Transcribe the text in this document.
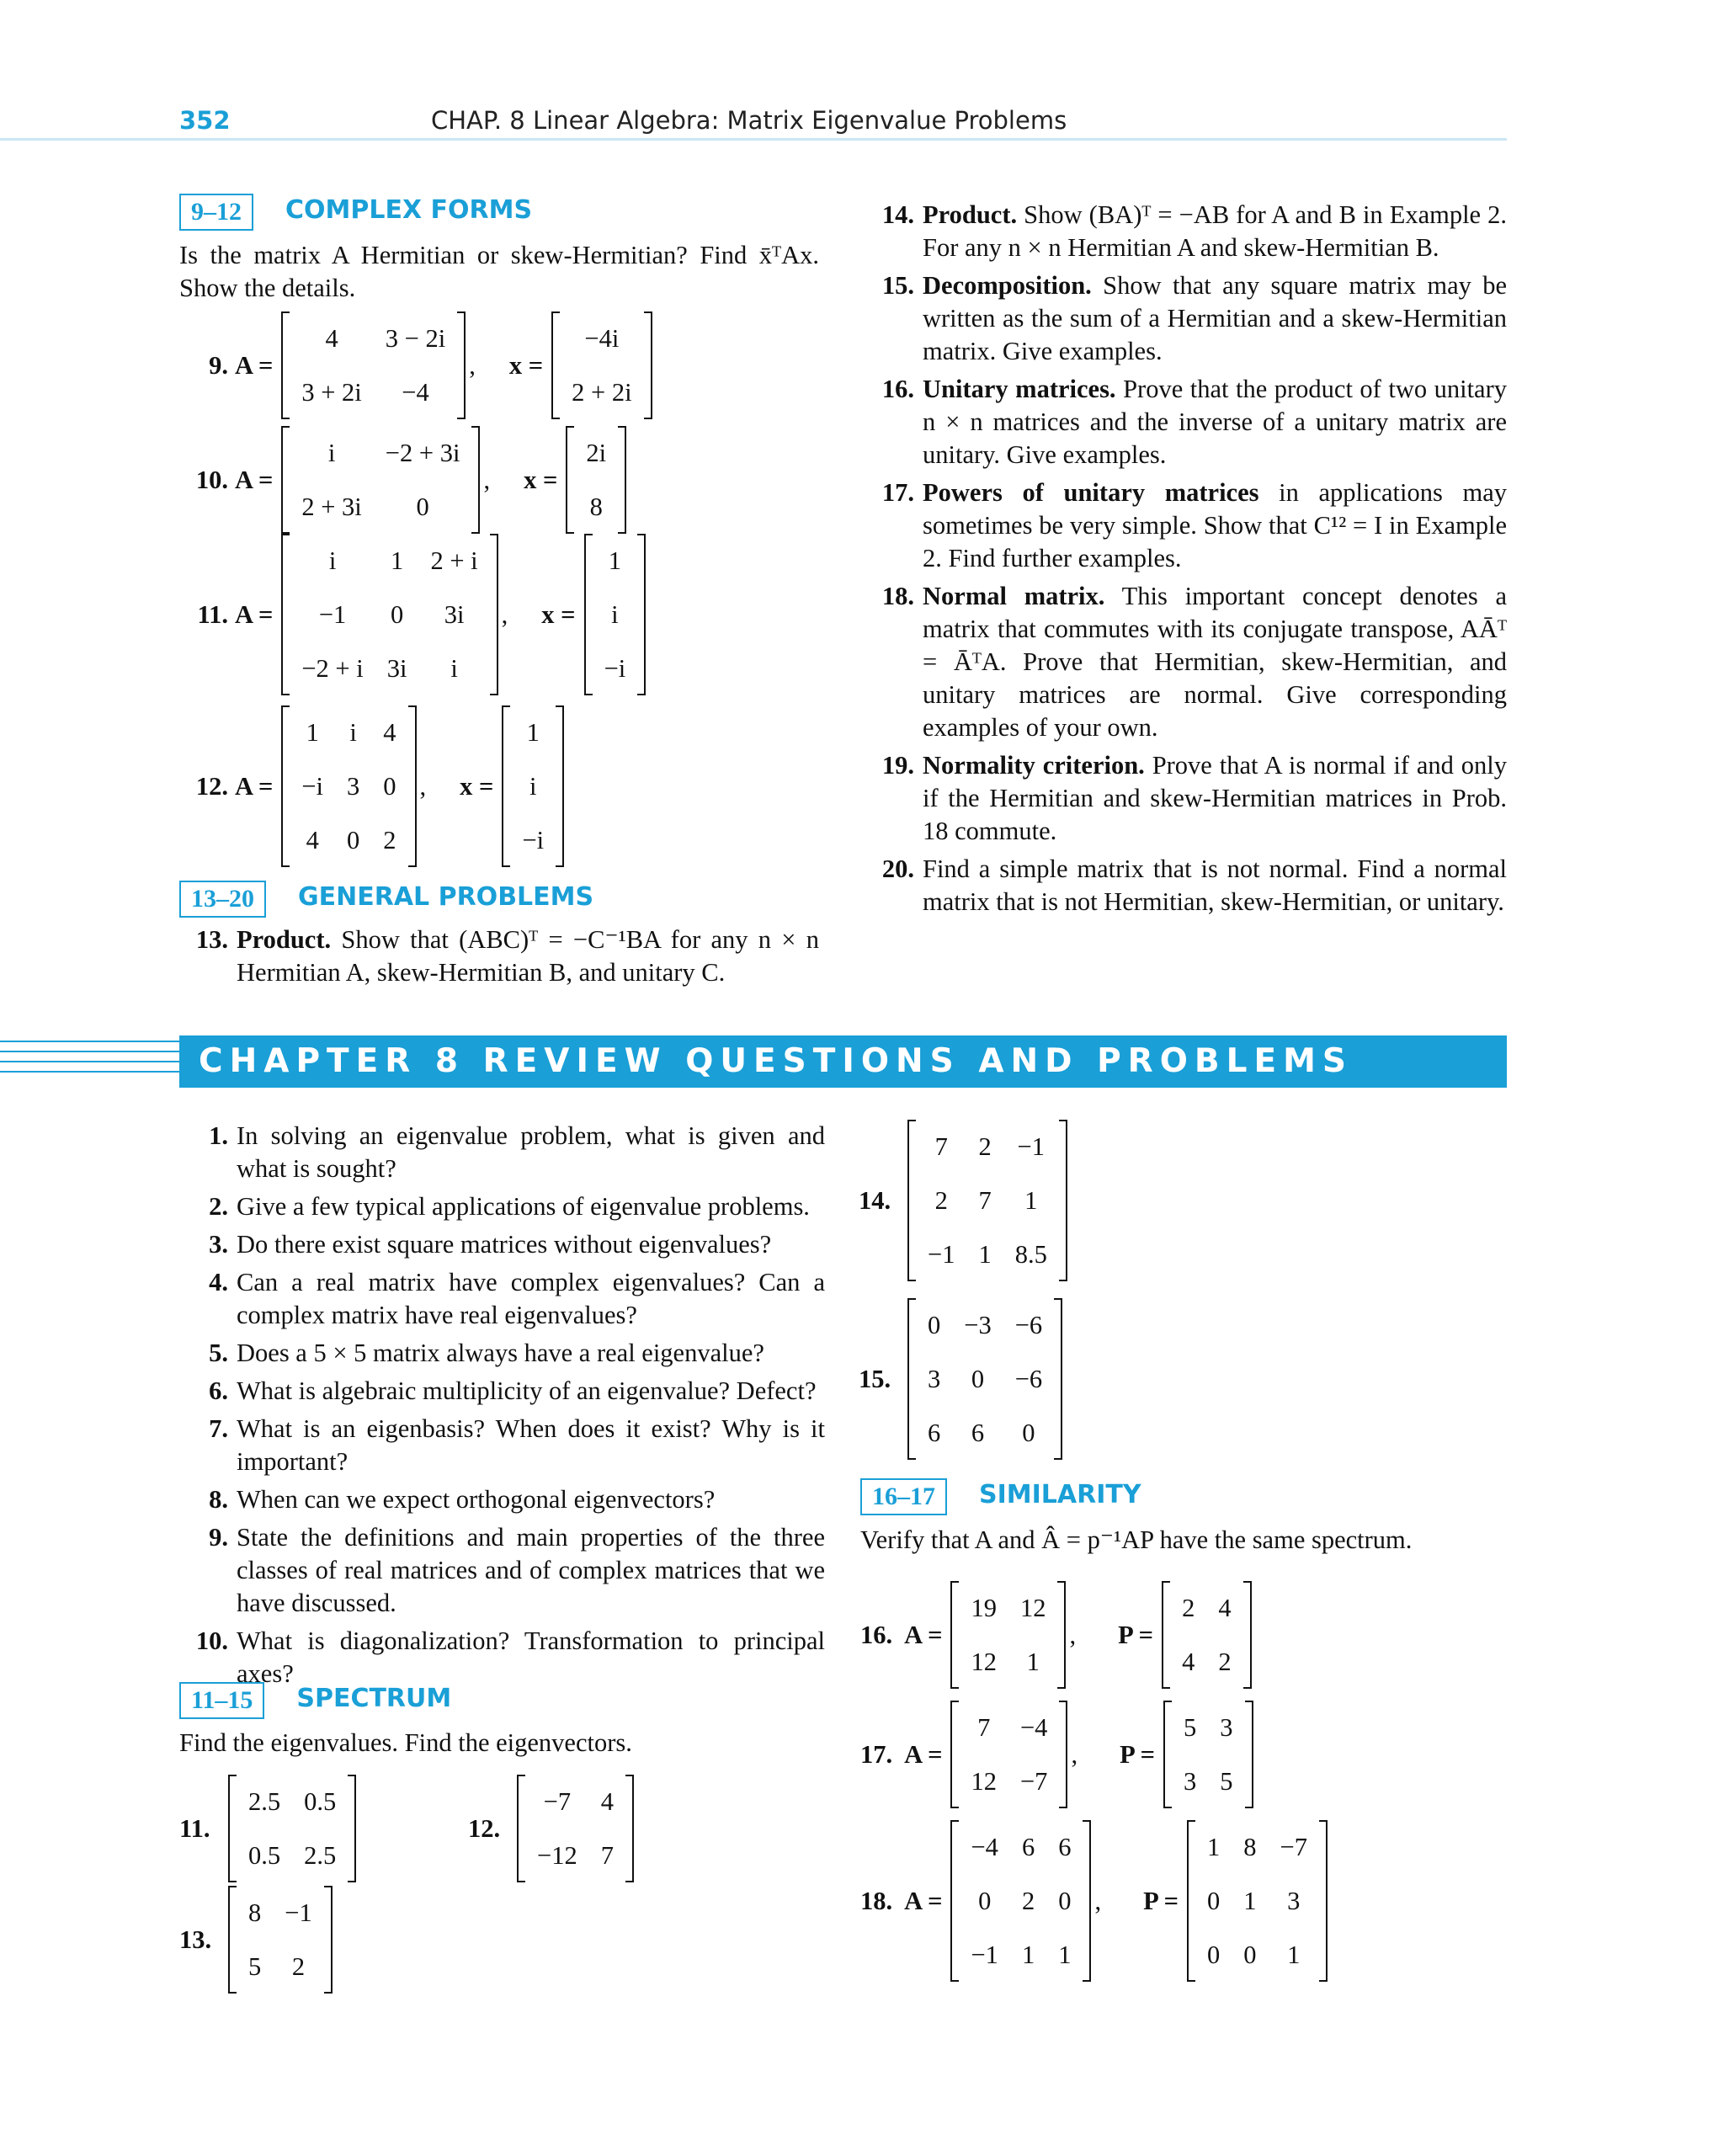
352	CHAP. 8 Linear Algebra: Matrix Eigenvalue Problems
9–12	COMPLEX FORMS
Is the matrix A Hermitian or skew-Hermitian? Find x̄ᵀAx. Show the details.
9. A =
4	3 − 2i
3 + 2i	−4
, x =
−4i
2 + 2i
10. A =
i	−2 + 3i
2 + 3i	0
, x =
2i
8
11. A =
i	1	2 + i
−1	0	3i
−2 + i	3i	i
, x =
1
i
−i
12. A =
1	i	4
−i	3	0
4	0	2
, x =
1
i
−i
13–20	GENERAL PROBLEMS
13. Product. Show that (ABC)ᵀ = −C⁻¹BA for any n × n Hermitian A, skew-Hermitian B, and unitary C.
14. Product. Show (BA)ᵀ = −AB for A and B in Example 2. For any n × n Hermitian A and skew-Hermitian B.
15. Decomposition. Show that any square matrix may be written as the sum of a Hermitian and a skew-Hermitian matrix. Give examples.
16. Unitary matrices. Prove that the product of two unitary n × n matrices and the inverse of a unitary matrix are unitary. Give examples.
17. Powers of unitary matrices in applications may sometimes be very simple. Show that C¹² = I in Example 2. Find further examples.
18. Normal matrix. This important concept denotes a matrix that commutes with its conjugate transpose, AĀᵀ = ĀᵀA. Prove that Hermitian, skew-Hermitian, and unitary matrices are normal. Give corresponding examples of your own.
19. Normality criterion. Prove that A is normal if and only if the Hermitian and skew-Hermitian matrices in Prob. 18 commute.
20. Find a simple matrix that is not normal. Find a normal matrix that is not Hermitian, skew-Hermitian, or unitary.
CHAPTER 8 REVIEW QUESTIONS AND PROBLEMS
1. In solving an eigenvalue problem, what is given and what is sought?
2. Give a few typical applications of eigenvalue problems.
3. Do there exist square matrices without eigenvalues?
4. Can a real matrix have complex eigenvalues? Can a complex matrix have real eigenvalues?
5. Does a 5 × 5 matrix always have a real eigenvalue?
6. What is algebraic multiplicity of an eigenvalue? Defect?
7. What is an eigenbasis? When does it exist? Why is it important?
8. When can we expect orthogonal eigenvectors?
9. State the definitions and main properties of the three classes of real matrices and of complex matrices that we have discussed.
10. What is diagonalization? Transformation to principal axes?
11–15	SPECTRUM
Find the eigenvalues. Find the eigenvectors.
11.
2.5	0.5
0.5	2.5
12.
−7	4
−12	7
13.
8	−1
5	2
14.
7	2	−1
2	7	1
−1	1	8.5
15.
0	−3	−6
3	0	−6
6	6	0
16–17	SIMILARITY
Verify that A and Â = p⁻¹AP have the same spectrum.
16. A =
19	12
12	1
, P =
2	4
4	2
17. A =
7	−4
12	−7
, P =
5	3
3	5
18. A =
−4	6	6
0	2	0
−1	1	1
, P =
1	8	−7
0	1	3
0	0	1
